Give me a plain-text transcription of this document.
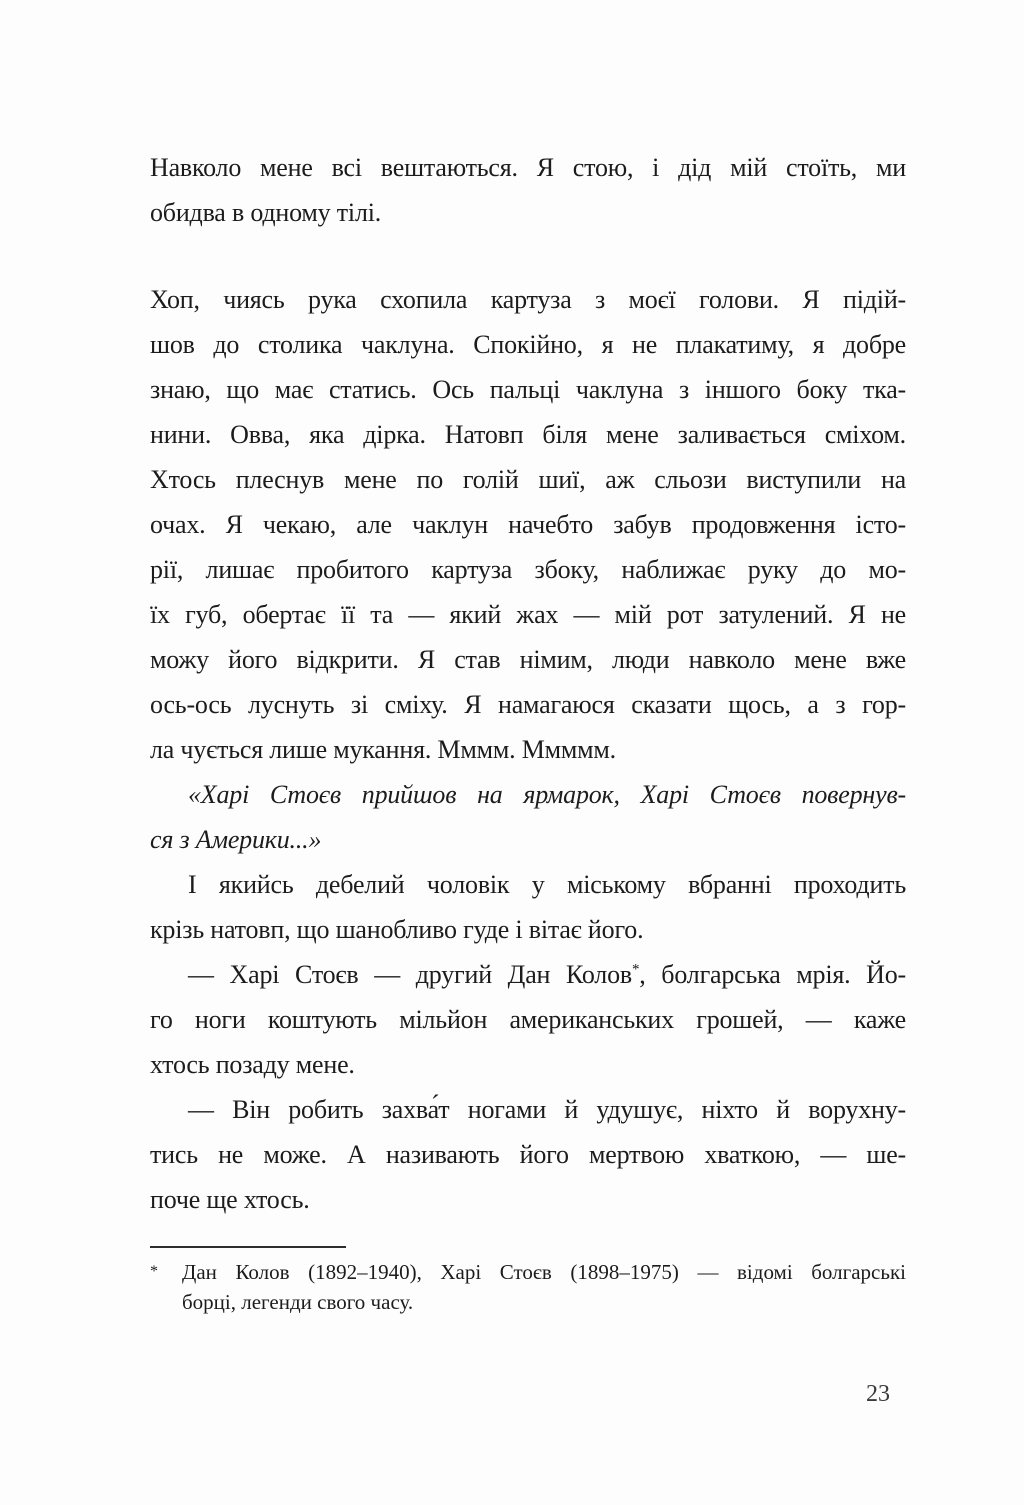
Навколо мене всі вештаються. Я стою, і дід мій стоїть, ми
обидва в одному тілі.
Хоп, чиясь рука схопила картуза з моєї голови. Я підій-
шов до столика чаклуна. Спокійно, я не плакатиму, я добре
знаю, що має статись. Ось пальці чаклуна з іншого боку тка-
нини. Овва, яка дірка. Натовп біля мене заливається сміхом.
Хтось плеснув мене по голій шиї, аж сльози виступили на
очах. Я чекаю, але чаклун начебто забув продовження істо-
рії, лишає пробитого картуза збоку, наближає руку до мо-
їх губ, обертає її та — який жах — мій рот затулений. Я не
можу його відкрити. Я став німим, люди навколо мене вже
ось-ось луснуть зі сміху. Я намагаюся сказати щось, а з гор-
ла чується лише мукання. Мммм. Ммммм.
«Харі Стоєв прийшов на ярмарок, Харі Стоєв повернув-
ся з Америки...»
І якийсь дебелий чоловік у міському вбранні проходить
крізь натовп, що шанобливо гуде і вітає його.
— Харі Стоєв — другий Дан Колов*, болгарська мрія. Йо-
го ноги коштують мільйон американських грошей, — каже
хтось позаду мене.
— Він робить захва́т ногами й удушує, ніхто й ворухну-
тись не може. А називають його мертвою хваткою, — ше-
поче ще хтось.
*	Дан Колов (1892–1940), Харі Стоєв (1898–1975) — відомі болгарські
борці, легенди свого часу.
23
